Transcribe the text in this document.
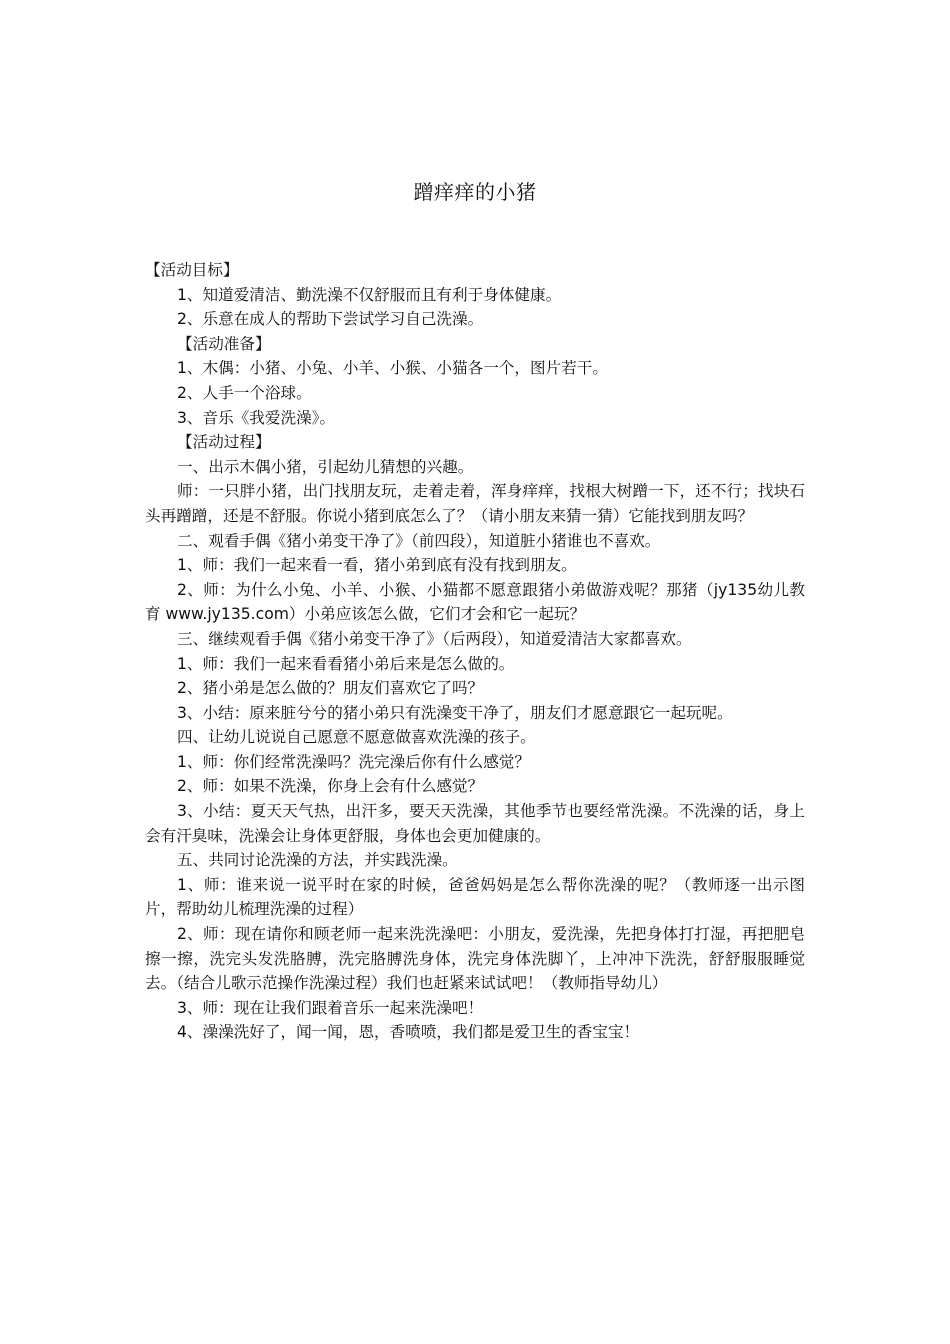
蹭痒痒的小猪

【活动目标】

1、知道爱清洁、勤洗澡不仅舒服而且有利于身体健康。

2、乐意在成人的帮助下尝试学习自己洗澡。

【活动准备】

1、木偶：小猪、小兔、小羊、小猴、小猫各一个，图片若干。

2、人手一个浴球。

3、音乐《我爱洗澡》。

【活动过程】

一、出示木偶小猪，引起幼儿猜想的兴趣。

师：一只胖小猪，出门找朋友玩，走着走着，浑身痒痒，找根大树蹭一下，还不行；找块石头再蹭蹭，还是不舒服。你说小猪到底怎么了？（请小朋友来猜一猜）它能找到朋友吗？

二、观看手偶《猪小弟变干净了》（前四段），知道脏小猪谁也不喜欢。

1、师：我们一起来看一看，猪小弟到底有没有找到朋友。

2、师：为什么小兔、小羊、小猴、小猫都不愿意跟猪小弟做游戏呢？那猪（jy135幼儿教育 www.jy135.com）小弟应该怎么做，它们才会和它一起玩？

三、继续观看手偶《猪小弟变干净了》（后两段），知道爱清洁大家都喜欢。

1、师：我们一起来看看猪小弟后来是怎么做的。

2、猪小弟是怎么做的？朋友们喜欢它了吗？

3、小结：原来脏兮兮的猪小弟只有洗澡变干净了，朋友们才愿意跟它一起玩呢。

四、让幼儿说说自己愿意不愿意做喜欢洗澡的孩子。

1、师：你们经常洗澡吗？洗完澡后你有什么感觉？

2、师：如果不洗澡，你身上会有什么感觉？

3、小结：夏天天气热，出汗多，要天天洗澡，其他季节也要经常洗澡。不洗澡的话，身上会有汗臭味，洗澡会让身体更舒服，身体也会更加健康的。

五、共同讨论洗澡的方法，并实践洗澡。

1、师：谁来说一说平时在家的时候，爸爸妈妈是怎么帮你洗澡的呢？（教师逐一出示图片，帮助幼儿梳理洗澡的过程）

2、师：现在请你和顾老师一起来洗洗澡吧：小朋友，爱洗澡，先把身体打打湿，再把肥皂擦一擦，洗完头发洗胳膊，洗完胳膊洗身体，洗完身体洗脚丫，上冲冲下洗洗，舒舒服服睡觉去。（结合儿歌示范操作洗澡过程）我们也赶紧来试试吧！（教师指导幼儿）

3、师：现在让我们跟着音乐一起来洗澡吧！

4、澡澡洗好了，闻一闻，恩，香喷喷，我们都是爱卫生的香宝宝！
